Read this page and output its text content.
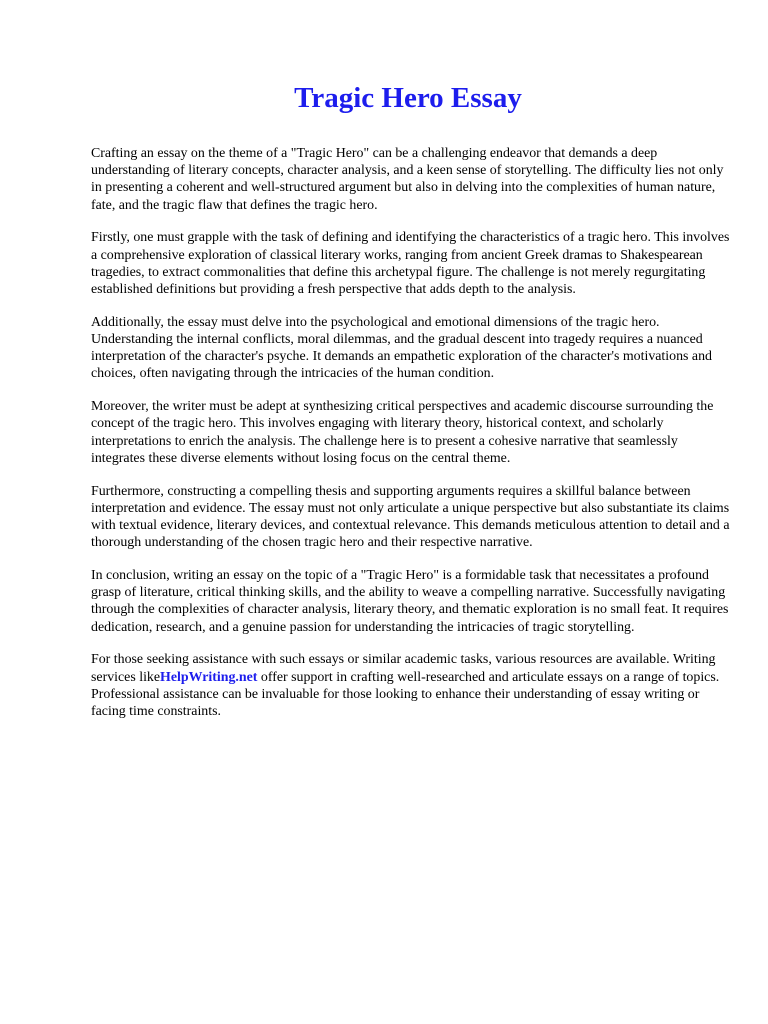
Tragic Hero Essay

Crafting an essay on the theme of a "Tragic Hero" can be a challenging endeavor that demands a deep understanding of literary concepts, character analysis, and a keen sense of storytelling. The difficulty lies not only in presenting a coherent and well-structured argument but also in delving into the complexities of human nature, fate, and the tragic flaw that defines the tragic hero.

Firstly, one must grapple with the task of defining and identifying the characteristics of a tragic hero. This involves a comprehensive exploration of classical literary works, ranging from ancient Greek dramas to Shakespearean tragedies, to extract commonalities that define this archetypal figure. The challenge is not merely regurgitating established definitions but providing a fresh perspective that adds depth to the analysis.

Additionally, the essay must delve into the psychological and emotional dimensions of the tragic hero. Understanding the internal conflicts, moral dilemmas, and the gradual descent into tragedy requires a nuanced interpretation of the character's psyche. It demands an empathetic exploration of the character's motivations and choices, often navigating through the intricacies of the human condition.

Moreover, the writer must be adept at synthesizing critical perspectives and academic discourse surrounding the concept of the tragic hero. This involves engaging with literary theory, historical context, and scholarly interpretations to enrich the analysis. The challenge here is to present a cohesive narrative that seamlessly integrates these diverse elements without losing focus on the central theme.

Furthermore, constructing a compelling thesis and supporting arguments requires a skillful balance between interpretation and evidence. The essay must not only articulate a unique perspective but also substantiate its claims with textual evidence, literary devices, and contextual relevance. This demands meticulous attention to detail and a thorough understanding of the chosen tragic hero and their respective narrative.

In conclusion, writing an essay on the topic of a "Tragic Hero" is a formidable task that necessitates a profound grasp of literature, critical thinking skills, and the ability to weave a compelling narrative. Successfully navigating through the complexities of character analysis, literary theory, and thematic exploration is no small feat. It requires dedication, research, and a genuine passion for understanding the intricacies of tragic storytelling.

For those seeking assistance with such essays or similar academic tasks, various resources are available. Writing services likeHelpWriting.net offer support in crafting well-researched and articulate essays on a range of topics. Professional assistance can be invaluable for those looking to enhance their understanding of essay writing or facing time constraints.
